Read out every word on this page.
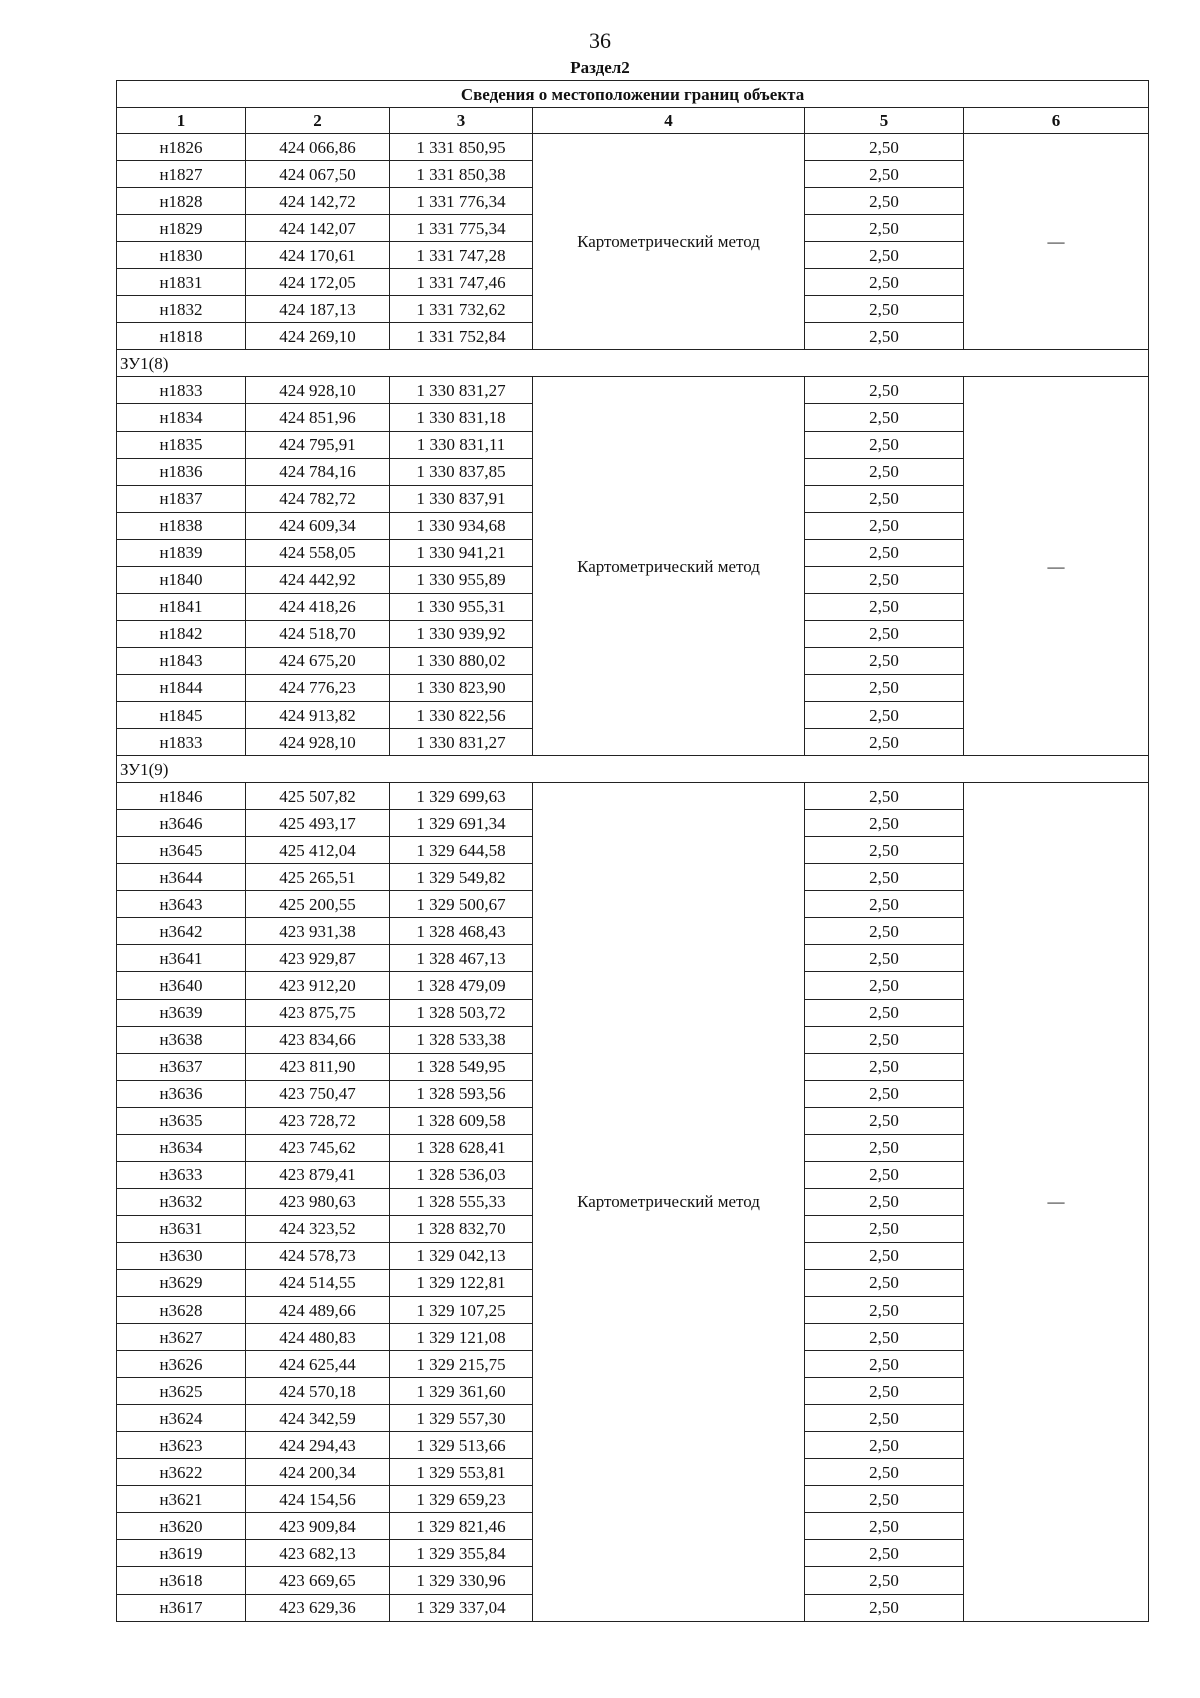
36
Раздел2
Сведения о местоположении границ объекта					
1	2	3	4	5	6
н1826	424 066,86	1 331 850,95	Картометрический метод	2,50	—
н1827	424 067,50	1 331 850,38		2,50	
н1828	424 142,72	1 331 776,34		2,50	
н1829	424 142,07	1 331 775,34		2,50	
н1830	424 170,61	1 331 747,28		2,50	
н1831	424 172,05	1 331 747,46		2,50	
н1832	424 187,13	1 331 732,62		2,50	
н1818	424 269,10	1 331 752,84		2,50	
ЗУ1(8)					
н1833	424 928,10	1 330 831,27	Картометрический метод	2,50	—
н1834	424 851,96	1 330 831,18		2,50	
н1835	424 795,91	1 330 831,11		2,50	
н1836	424 784,16	1 330 837,85		2,50	
н1837	424 782,72	1 330 837,91		2,50	
н1838	424 609,34	1 330 934,68		2,50	
н1839	424 558,05	1 330 941,21		2,50	
н1840	424 442,92	1 330 955,89		2,50	
н1841	424 418,26	1 330 955,31		2,50	
н1842	424 518,70	1 330 939,92		2,50	
н1843	424 675,20	1 330 880,02		2,50	
н1844	424 776,23	1 330 823,90		2,50	
н1845	424 913,82	1 330 822,56		2,50	
н1833	424 928,10	1 330 831,27		2,50	
ЗУ1(9)					
н1846	425 507,82	1 329 699,63	Картометрический метод	2,50	—
н3646	425 493,17	1 329 691,34		2,50	
н3645	425 412,04	1 329 644,58		2,50	
н3644	425 265,51	1 329 549,82		2,50	
н3643	425 200,55	1 329 500,67		2,50	
н3642	423 931,38	1 328 468,43		2,50	
н3641	423 929,87	1 328 467,13		2,50	
н3640	423 912,20	1 328 479,09		2,50	
н3639	423 875,75	1 328 503,72		2,50	
н3638	423 834,66	1 328 533,38		2,50	
н3637	423 811,90	1 328 549,95		2,50	
н3636	423 750,47	1 328 593,56		2,50	
н3635	423 728,72	1 328 609,58		2,50	
н3634	423 745,62	1 328 628,41		2,50	
н3633	423 879,41	1 328 536,03		2,50	
н3632	423 980,63	1 328 555,33		2,50	
н3631	424 323,52	1 328 832,70		2,50	
н3630	424 578,73	1 329 042,13		2,50	
н3629	424 514,55	1 329 122,81		2,50	
н3628	424 489,66	1 329 107,25		2,50	
н3627	424 480,83	1 329 121,08		2,50	
н3626	424 625,44	1 329 215,75		2,50	
н3625	424 570,18	1 329 361,60		2,50	
н3624	424 342,59	1 329 557,30		2,50	
н3623	424 294,43	1 329 513,66		2,50	
н3622	424 200,34	1 329 553,81		2,50	
н3621	424 154,56	1 329 659,23		2,50	
н3620	423 909,84	1 329 821,46		2,50	
н3619	423 682,13	1 329 355,84		2,50	
н3618	423 669,65	1 329 330,96		2,50	
н3617	423 629,36	1 329 337,04		2,50	
